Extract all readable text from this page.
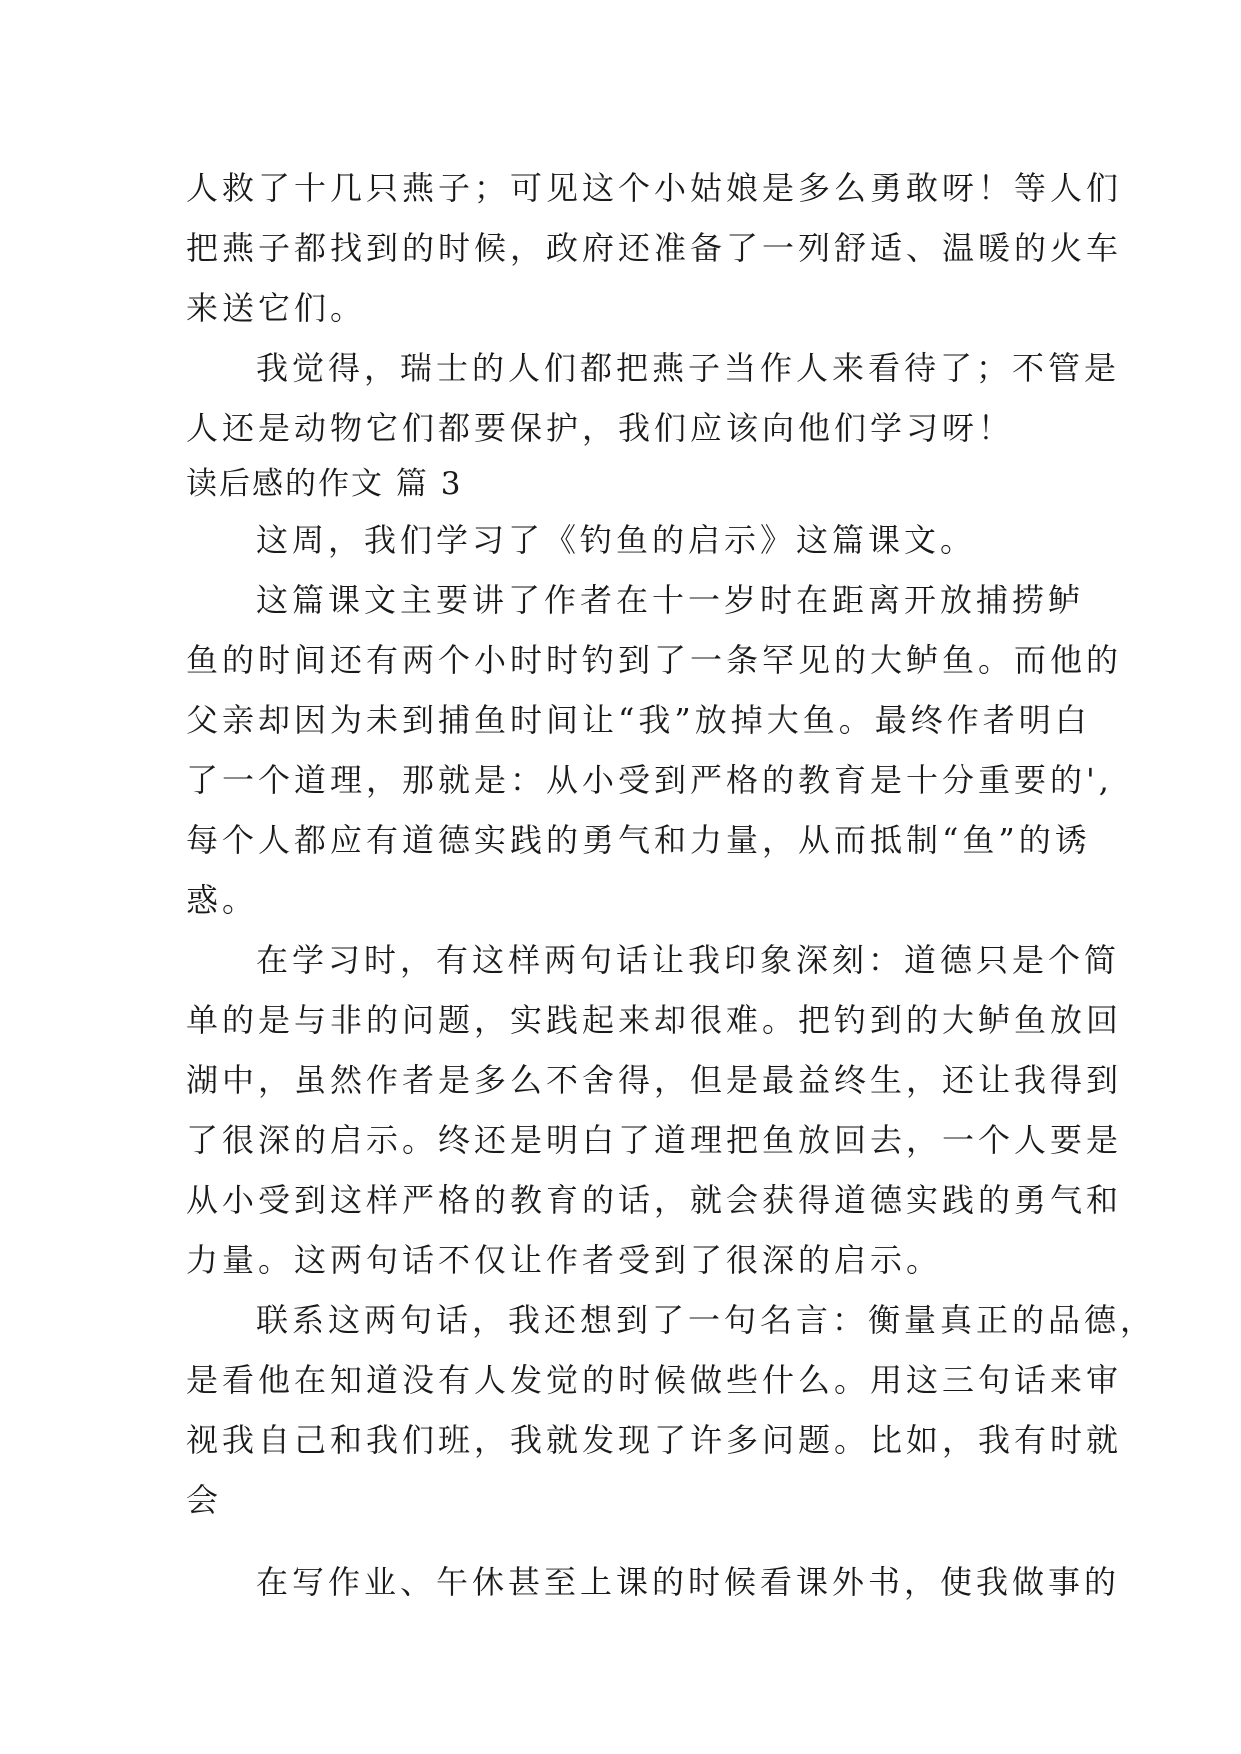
人救了十几只燕子；可见这个小姑娘是多么勇敢呀！等人们
把燕子都找到的时候，政府还准备了一列舒适、温暖的火车
来送它们。
我觉得，瑞士的人们都把燕子当作人来看待了；不管是
人还是动物它们都要保护，我们应该向他们学习呀！
读后感的作文 篇 3
这周，我们学习了《钓鱼的启示》这篇课文。
这篇课文主要讲了作者在十一岁时在距离开放捕捞鲈
鱼的时间还有两个小时时钓到了一条罕见的大鲈鱼。而他的
父亲却因为未到捕鱼时间让“我”放掉大鱼。最终作者明白
了一个道理，那就是：从小受到严格的教育是十分重要的',
每个人都应有道德实践的勇气和力量，从而抵制“鱼”的诱
惑。
在学习时，有这样两句话让我印象深刻：道德只是个简
单的是与非的问题，实践起来却很难。把钓到的大鲈鱼放回
湖中，虽然作者是多么不舍得，但是最益终生，还让我得到
了很深的启示。终还是明白了道理把鱼放回去，一个人要是
从小受到这样严格的教育的话，就会获得道德实践的勇气和
力量。这两句话不仅让作者受到了很深的启示。
联系这两句话，我还想到了一句名言：衡量真正的品德，
是看他在知道没有人发觉的时候做些什么。用这三句话来审
视我自己和我们班，我就发现了许多问题。比如，我有时就
会
在写作业、午休甚至上课的时候看课外书，使我做事的
